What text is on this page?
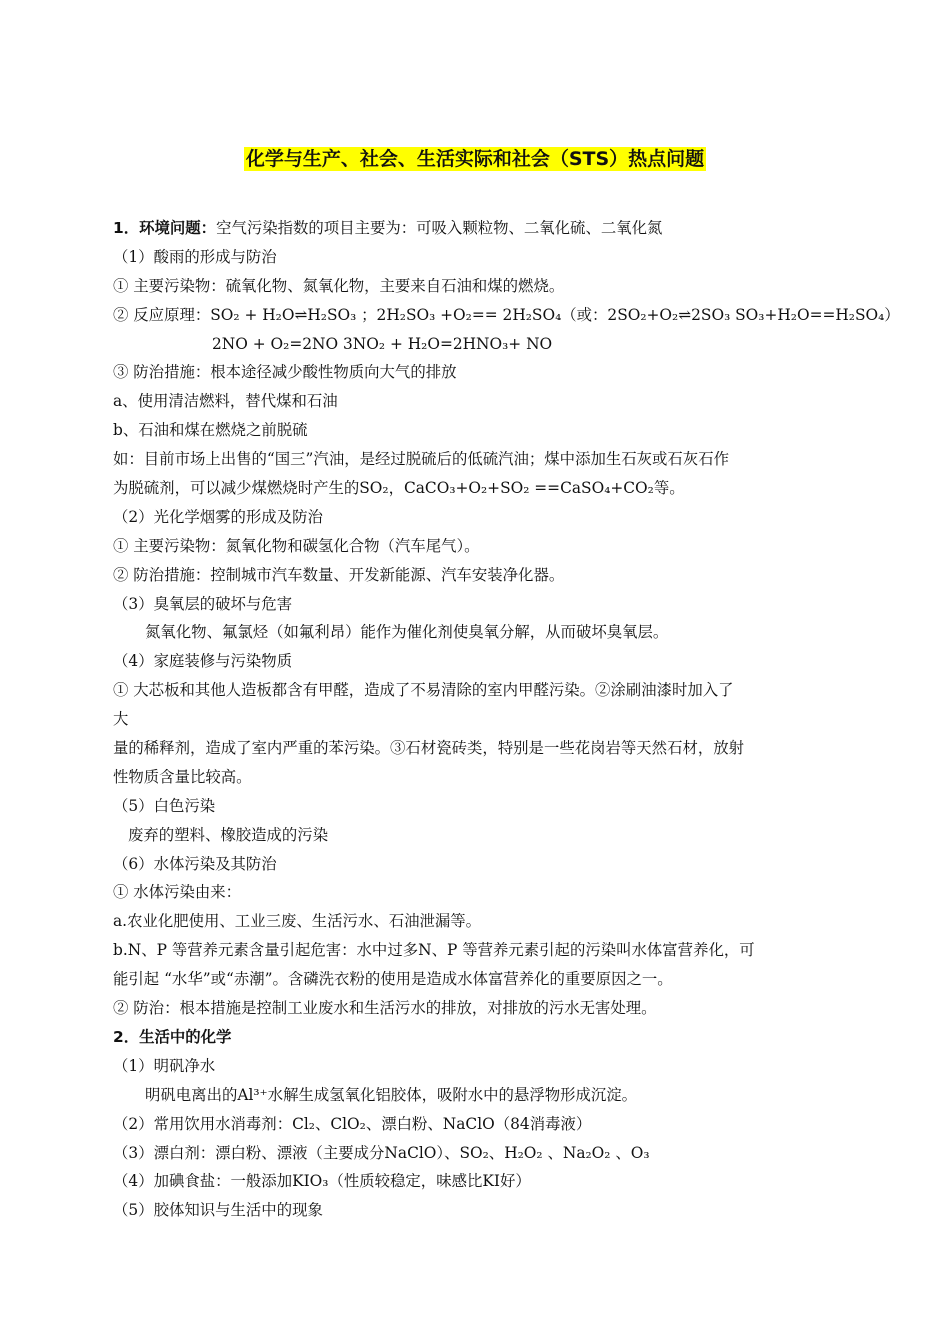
化学与生产、社会、生活实际和社会（STS）热点问题
1．环境问题：空气污染指数的项目主要为：可吸入颗粒物、二氧化硫、二氧化氮
（1）酸雨的形成与防治
① 主要污染物：硫氧化物、氮氧化物，主要来自石油和煤的燃烧。
② 反应原理：SO₂ + H₂O⇌H₂SO₃ ；2H₂SO₃ +O₂== 2H₂SO₄（或：2SO₂+O₂⇌2SO₃ SO₃+H₂O==H₂SO₄）
2NO + O₂=2NO 3NO₂ + H₂O=2HNO₃+ NO
③ 防治措施：根本途径减少酸性物质向大气的排放
a、使用清洁燃料，替代煤和石油
b、石油和煤在燃烧之前脱硫
如：目前市场上出售的“国三”汽油，是经过脱硫后的低硫汽油；煤中添加生石灰或石灰石作
为脱硫剂，可以减少煤燃烧时产生的SO₂，CaCO₃+O₂+SO₂ ==CaSO₄+CO₂等。
（2）光化学烟雾的形成及防治
① 主要污染物：氮氧化物和碳氢化合物（汽车尾气）。
② 防治措施：控制城市汽车数量、开发新能源、汽车安装净化器。
（3）臭氧层的破坏与危害
氮氧化物、氟氯烃（如氟利昂）能作为催化剂使臭氧分解，从而破坏臭氧层。
（4）家庭装修与污染物质
① 大芯板和其他人造板都含有甲醛，造成了不易清除的室内甲醛污染。②涂刷油漆时加入了
大
量的稀释剂，造成了室内严重的苯污染。③石材瓷砖类，特别是一些花岗岩等天然石材，放射
性物质含量比较高。
（5）白色污染
废弃的塑料、橡胶造成的污染
（6）水体污染及其防治
① 水体污染由来：
a.农业化肥使用、工业三废、生活污水、石油泄漏等。
b.N、P 等营养元素含量引起危害：水中过多N、P 等营养元素引起的污染叫水体富营养化，可
能引起 “水华”或“赤潮”。含磷洗衣粉的使用是造成水体富营养化的重要原因之一。
② 防治：根本措施是控制工业废水和生活污水的排放，对排放的污水无害处理。
2．生活中的化学
（1）明矾净水
明矾电离出的Al³⁺水解生成氢氧化铝胶体，吸附水中的悬浮物形成沉淀。
（2）常用饮用水消毒剂：Cl₂、ClO₂、漂白粉、NaClO（84消毒液）
（3）漂白剂：漂白粉、漂液（主要成分NaClO）、SO₂、H₂O₂ 、Na₂O₂ 、O₃
（4）加碘食盐：一般添加KIO₃（性质较稳定，味感比KI好）
（5）胶体知识与生活中的现象
